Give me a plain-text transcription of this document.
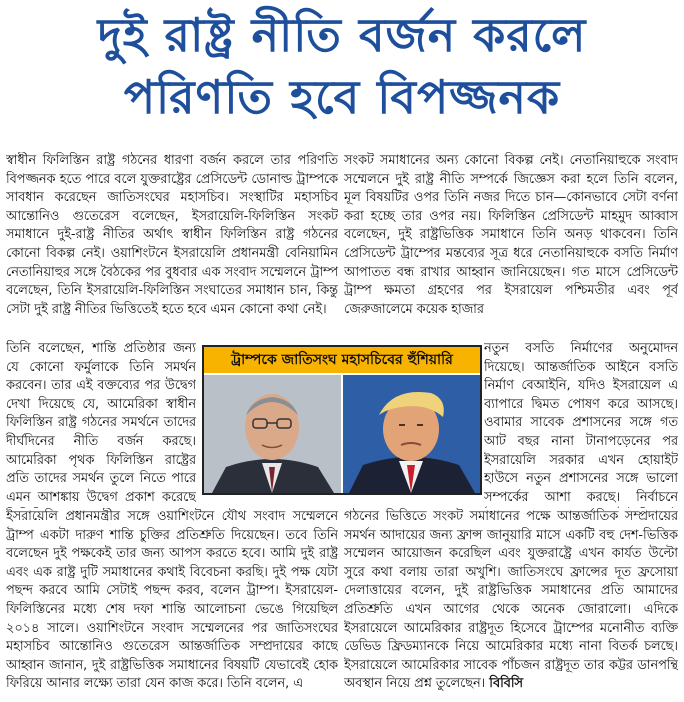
দুই রাষ্ট্র নীতি বর্জন করলে
পরিণতি হবে বিপজ্জনক
স্বাধীন ফিলিস্তিন রাষ্ট্র গঠনের ধারণা বর্জন করলে তার পরিণতি বিপজ্জনক হতে পারে বলে যুক্তরাষ্ট্রের প্রেসিডেন্ট ডোনাল্ড ট্রাম্পকে সাবধান করেছেন জাতিসংঘের মহাসচিব। সংস্থাটির মহাসচিব আন্তোনিও গুতেরেস বলেছেন, ইসরায়েলি-ফিলিস্তিন সংকট সমাধানে দুই-রাষ্ট্র নীতির অর্থাৎ স্বাধীন ফিলিস্তিন রাষ্ট্র গঠনের কোনো বিকল্প নেই। ওয়াশিংটনে ইসরায়েলি প্রধানমন্ত্রী বেনিয়ামিন নেতানিয়াহুর সঙ্গে বৈঠকের পর বুধবার এক সংবাদ সম্মেলনে ট্রাম্প বলেছেন, তিনি ইসরায়েলি-ফিলিস্তিন সংঘাতের সমাধান চান, কিন্তু সেটা দুই রাষ্ট্র নীতির ভিত্তিতেই হতে হবে এমন কোনো কথা নেই।
সংকট সমাধানের অন্য কোনো বিকল্প নেই। নেতানিয়াহুকে সংবাদ সম্মেলনে দুই রাষ্ট্র নীতি সম্পর্কে জিজ্ঞেস করা হলে তিনি বলেন, মূল বিষয়টির ওপর তিনি নজর দিতে চান—কোনভাবে সেটা বর্ণনা করা হচ্ছে তার ওপর নয়। ফিলিস্তিন প্রেসিডেন্ট মাহমুদ আব্বাস বলেছেন, দুই রাষ্ট্রভিত্তিক সমাধানে তিনি অনড় থাকবেন। তিনি প্রেসিডেন্ট ট্রাম্পের মন্তব্যের সূত্র ধরে নেতানিয়াহুকে বসতি নির্মাণ আপাতত বন্ধ রাখার আহ্বান জানিয়েছেন। গত মাসে প্রেসিডেন্ট ট্রাম্প ক্ষমতা গ্রহণের পর ইসরায়েল পশ্চিমতীর এবং পূর্ব জেরুজালেমে কয়েক হাজার
তিনি বলেছেন, শান্তি প্রতিষ্ঠার জন্য যে কোনো ফর্মুলাকে তিনি সমর্থন করবেন। তার এই বক্তব্যের পর উদ্বেগ দেখা দিয়েছে যে, আমেরিকা স্বাধীন ফিলিস্তিন রাষ্ট্র গঠনের সমর্থনে তাদের দীর্ঘদিনের নীতি বর্জন করছে। আমেরিকা পৃথক ফিলিস্তিন রাষ্ট্রের প্রতি তাদের সমর্থন তুলে নিতে পারে এমন আশঙ্কায় উদ্বেগ প্রকাশ করেছে
নতুন বসতি নির্মাণের অনুমোদন দিয়েছে। আন্তর্জাতিক আইনে বসতি নির্মাণ বেআইনি, যদিও ইসরায়েল এ ব্যাপারে দ্বিমত পোষণ করে আসছে। ওবামার সাবেক প্রশাসনের সঙ্গে গত আট বছর নানা টানাপড়েনের পর ইসরায়েলি সরকার এখন হোয়াইট হাউসে নতুন প্রশাসনের সঙ্গে ভালো সম্পর্কের আশা করছে। নির্বাচনে
ইসরায়েলি প্রধানমন্ত্রীর সঙ্গে ওয়াশিংটনে যৌথ সংবাদ সম্মেলনে ট্রাম্প একটা দারুণ শান্তি চুক্তির প্রতিশ্রুতি দিয়েছেন। তবে তিনি বলেছেন দুই পক্ষকেই তার জন্য আপস করতে হবে। আমি দুই রাষ্ট্র এবং এক রাষ্ট্র দুটি সমাধানের কথাই বিবেচনা করছি। দুই পক্ষ যেটা পছন্দ করবে আমি সেটাই পছন্দ করব, বলেন ট্রাম্প। ইসরায়েল-ফিলিস্তিনের মধ্যে শেষ দফা শান্তি আলোচনা ভেঙে গিয়েছিল ২০১৪ সালে। ওয়াশিংটনে সংবাদ সম্মেলনের পর জাতিসংঘের মহাসচিব আন্তোনিও গুতেরেস আন্তর্জাতিক সম্প্রদায়ের কাছে আহ্বান জানান, দুই রাষ্ট্রভিত্তিক সমাধানের বিষয়টি যেভাবেই হোক ফিরিয়ে আনার লক্ষ্যে তারা যেন কাজ করে। তিনি বলেন, এ
গঠনের ভিত্তিতে সংকট সমাধানের পক্ষে আন্তর্জাতিক সম্প্রদায়ের সমর্থন আদায়ের জন্য ফ্রান্স জানুয়ারি মাসে একটি বহু দেশ-ভিত্তিক সম্মেলন আয়োজন করেছিল এবং যুক্তরাষ্ট্রে এখন কার্যত উল্টো সুরে কথা বলায় তারা অখুশি। জাতিসংঘে ফ্রান্সের দূত ফ্রসোয়া দেলাত্তায়ের বলেন, দুই রাষ্ট্রভিত্তিক সমাধানের প্রতি আমাদের প্রতিশ্রুতি এখন আগের থেকে অনেক জোরালো। এদিকে ইসরায়েলে আমেরিকার রাষ্ট্রদূত হিসেবে ট্রাম্পের মনোনীত ব্যক্তি ডেভিড ফ্রিডম্যানকে নিয়ে আমেরিকার মধ্যে নানা বিতর্ক চলছে। ইসরায়েলে আমেরিকার সাবেক পাঁচজন রাষ্ট্রদূত তার কট্টর ডানপন্থি অবস্থান নিয়ে প্রশ্ন তুলেছেন। বিবিসি
ট্রাম্পকে জাতিসংঘ মহাসচিবের হুঁশিয়ারি
